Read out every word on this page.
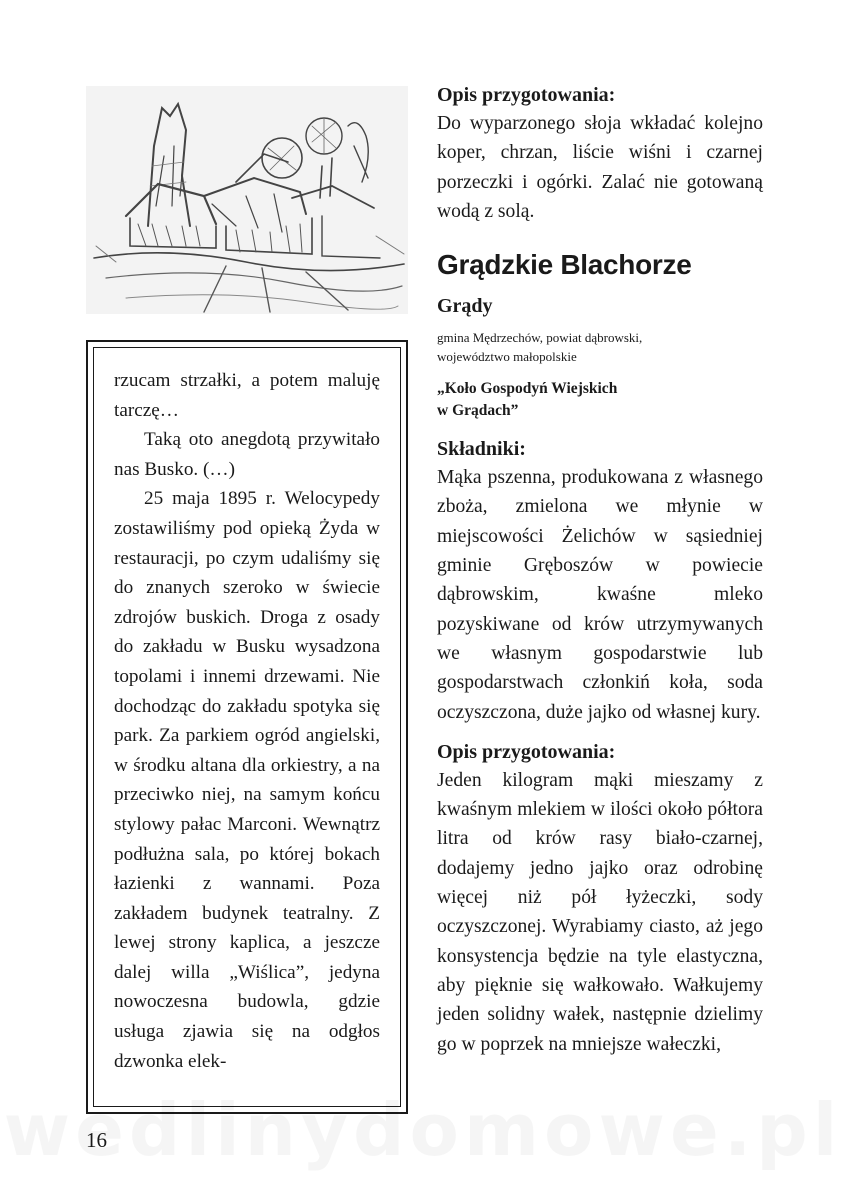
rzucam strzałki, a potem maluję tarczę…

Taką oto anegdotą przywitało nas Busko. (…)

25 maja 1895 r. Welocypedy zostawiliśmy pod opieką Żyda w restauracji, po czym udaliśmy się do znanych szeroko w świecie zdrojów buskich. Droga z osady do zakładu w Busku wysadzona topolami i innemi drzewami. Nie dochodząc do zakładu spotyka się park. Za parkiem ogród angielski, w środku altana dla orkiestry, a na przeciwko niej, na samym końcu stylowy pałac Marconi. Wewnątrz podłużna sala, po której bokach łazienki z wannami. Poza zakładem budynek teatralny. Z lewej strony kaplica, a jeszcze dalej willa „Wiślica”, jedyna nowoczesna budowla, gdzie usługa zjawia się na odgłos dzwonka elek-

Opis przygotowania:

Do wyparzonego słoja wkładać kolejno koper, chrzan, liście wiśni i czarnej porzeczki i ogórki. Zalać nie gotowaną wodą z solą.

Grądzkie Blachorze

Grądy

gmina Mędrzechów, powiat dąbrowski,
województwo małopolskie

„Koło Gospodyń Wiejskich
w Grądach”

Składniki:

Mąka pszenna, produkowana z własnego zboża, zmielona we młynie w miejscowości Żelichów w sąsiedniej gminie Gręboszów w powiecie dąbrowskim, kwaśne mleko pozyskiwane od krów utrzymywanych we własnym gospodarstwie lub gospodarstwach członkiń koła, soda oczyszczona, duże jajko od własnej kury.

Opis przygotowania:

Jeden kilogram mąki mieszamy z kwaśnym mlekiem w ilości około półtora litra od krów rasy biało-czarnej, dodajemy jedno jajko oraz odrobinę więcej niż pół łyżeczki, sody oczyszczonej. Wyrabiamy ciasto, aż jego konsystencja będzie na tyle elastyczna, aby pięknie się wałkowało. Wałkujemy jeden solidny wałek, następnie dzielimy go w poprzek na mniejsze wałeczki,

16
